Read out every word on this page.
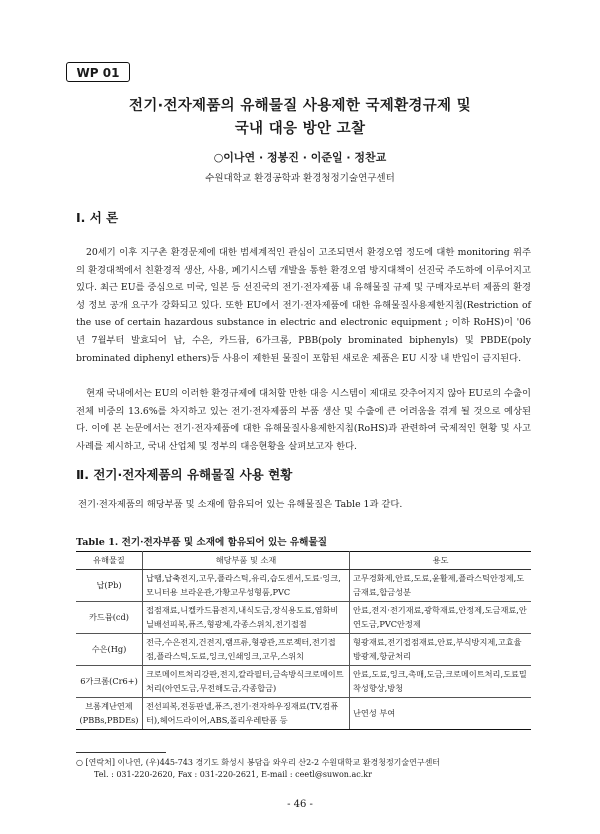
WP 01
전기·전자제품의 유해물질 사용제한 국제환경규제 및
국내 대응 방안 고찰
○이나연 · 정봉진 · 이준일 · 정찬교
수원대학교 환경공학과 환경청정기술연구센터
Ⅰ. 서 론

20세기 이후 지구촌 환경문제에 대한 범세계적인 관심이 고조되면서 환경오염 정도에 대한 monitoring 위주의 환경대책에서 친환경적 생산, 사용, 폐기시스템 개발을 통한 환경오염 방지대책이 선진국 주도하에 이루어지고 있다. 최근 EU를 중심으로 미국, 일본 등 선진국의 전기·전자제품 내 유해물질 규제 및 구매자로부터 제품의 환경성 정보 공개 요구가 강화되고 있다. 또한 EU에서 전기·전자제품에 대한 유해물질사용제한지침(Restriction of the use of certain hazardous substance in electric and electronic equipment ; 이하 RoHS)이 '06년 7월부터 발효되어 납, 수은, 카드뮴, 6가크롬, PBB(poly brominated biphenyls) 및 PBDE(poly brominated diphenyl ethers)등 사용이 제한된 물질이 포함된 새로운 제품은 EU 시장 내 반입이 금지된다.

현재 국내에서는 EU의 이러한 환경규제에 대처할 만한 대응 시스템이 제대로 갖추어지지 않아 EU로의 수출이 전체 비중의 13.6%를 차지하고 있는 전기·전자제품의 부품 생산 및 수출에 큰 어려움을 겪게 될 것으로 예상된다. 이에 본 논문에서는 전기·전자제품에 대한 유해물질사용제한지침(RoHS)과 관련하여 국제적인 현황 및 사고사례를 제시하고, 국내 산업체 및 정부의 대응현황을 살펴보고자 한다.

Ⅱ. 전기·전자제품의 유해물질 사용 현황

전기·전자제품의 해당부품 및 소재에 함유되어 있는 유해물질은 Table 1과 같다.

Table 1. 전기·전자부품 및 소재에 함유되어 있는 유해물질
유해물질	해당부품 및 소재	용도
납(Pb)	납땜,납축전지,고무,플라스틱,유리,습도센서,도료·잉크,모니터용 브라운관,가황고무성형품,PVC	고무경화제,안료,도료,윤활제,플라스틱안정제,도금재료,합금성분
카드뮴(cd)	접점재료,니켈카드뮴전지,내식도금,장식용도료,염화비닐배선피복,퓨즈,형광체,각종스위치,전기접점	안료,전지·전기재료,광학재료,안정제,도금재료,안연도금,PVC안정제
수은(Hg)	전극,수은전지,건전지,램프류,형광관,프로젝터,전기접점,플라스틱,도료,잉크,인쇄잉크,고무,스위치	형광재료,전기접점재료,안료,부식방지제,고효율방광제,항균처리
6가크롬(Cr6+)	크로메이트처리강판,전지,칼라필터,금속방식크로메이트처리(아연도금,무전해도금,각종합금)	안료,도료,잉크,촉매,도금,크로메이트처리,도료밀착성향상,방청
브롬계난연제(PBBs,PBDEs)	전선피복,전동판넬,퓨즈,전기·전자하우징재료(TV,컴퓨터),헤어드라이어,ABS,폴리우레탄폼 등	난연성 부여
○ [연락처] 이나연, (우)445-743 경기도 화성시 봉담읍 와우리 산2-2 수원대학교 환경청정기술연구센터
Tel. : 031-220-2620, Fax : 031-220-2621, E-mail : ceetl@suwon.ac.kr
- 46 -
